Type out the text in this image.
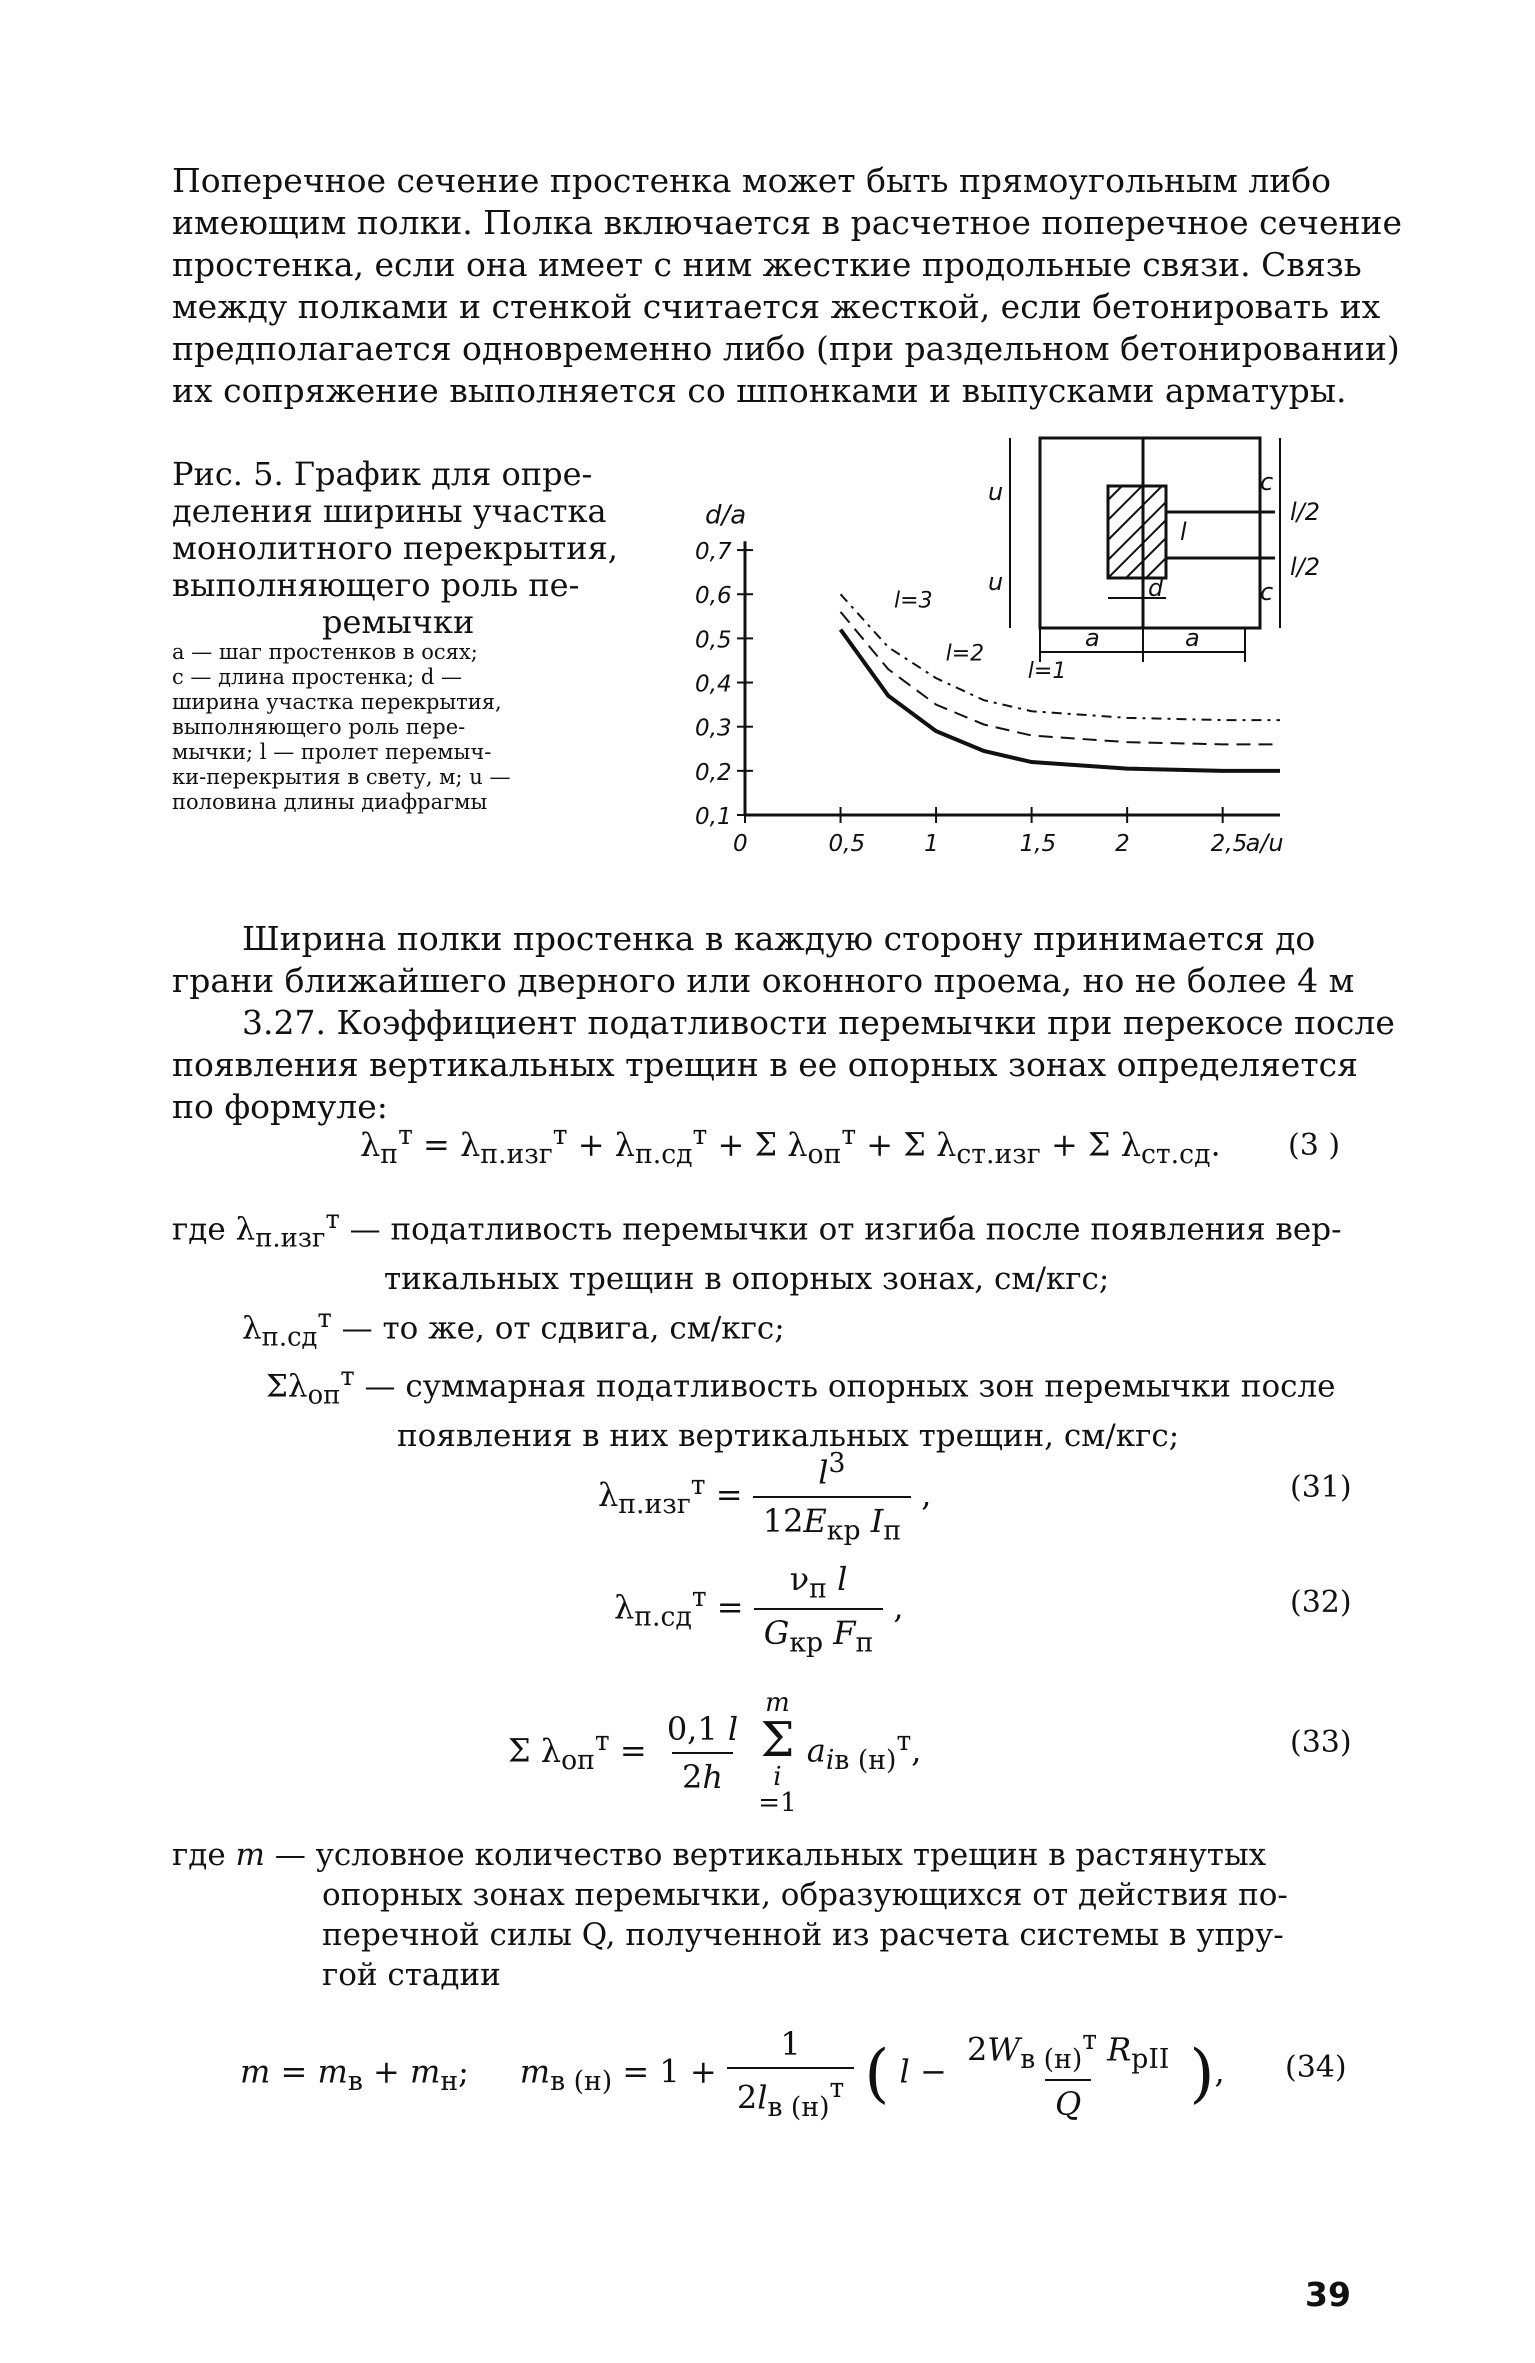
Поперечное сечение простенка может быть прямоугольным либо
имеющим полки. Полка включается в расчетное поперечное сечение
простенка, если она имеет с ним жесткие продольные связи. Связь
между полками и стенкой считается жесткой, если бетонировать их
предполагается одновременно либо (при раздельном бетонировании)
их сопряжение выполняется со шпонками и выпусками арматуры.
Рис. 5. График для опре-
деления ширины участка
монолитного перекрытия,
выполняющего роль пе-
ремычки
a — шаг простенков в осях;
c — длина простенка; d —
ширина участка перекрытия,
выполняющего роль пере-
мычки; l — пролет перемыч-
ки-перекрытия в свету, м; u —
половина длины диафрагмы
0,7
0,6
0,5
0,4
0,3
0,2
0,1
0	0,5	1	1,5	2	2,5
d/a
a/u
l=3
l=2
l=1
u
u
c
c
l
l/2
l/2
d
a	a
Ширина полки простенка в каждую сторону принимается до
грани ближайшего дверного или оконного проема, но не более 4 м
3.27. Коэффициент податливости перемычки при перекосе после
появления вертикальных трещин в ее опорных зонах определяется
по формуле:
$\lambda_п^т = \lambda_{п.изг}^т + \lambda_{п.сд}^т + \Sigma$ $\lambda_{оп}^т + \Sigma$ $\lambda_{ст.изг} + \Sigma$ $\lambda_{ст.сд}$. (3 )
где $\lambda_{п.изг}^т$ — податливость перемычки от изгиба после появления вер-
тикальных трещин в опорных зонах, см/кгс;
$\lambda_{п.сд}^т$ — то же, от сдвига, см/кгс;
$\Sigma\lambda_{оп}^т$ — суммарная податливость опорных зон перемычки после
появления в них вертикальных трещин, см/кгс;
$\lambda_{п.изг}^т = \frac{l^3}{12E_{кр} I_п}$ ,	(31)
$\lambda_{п.сд}^т = \frac{\nu_п l}{G_{кр} F_п}$ ,	(32)
Σ $\lambda_{оп}^т = \frac{0,1 l}{2h}$

m
Σ
i
=1 $a_{iв (н)}^т$,	(33)
где m — условное количество вертикальных трещин в растянутых
опорных зонах перемычки, образующихся от действия по-
перечной силы Q, полученной из расчета системы в упру-
гой стадии
$m = m_в + m_н$;     $m_{в (н)} = 1 + \frac{1}{2l_{в (н)}^т}$ ( $l - \frac{2W_{в (н)}^т R_{pII}}{Q}$ ), (34)
39
